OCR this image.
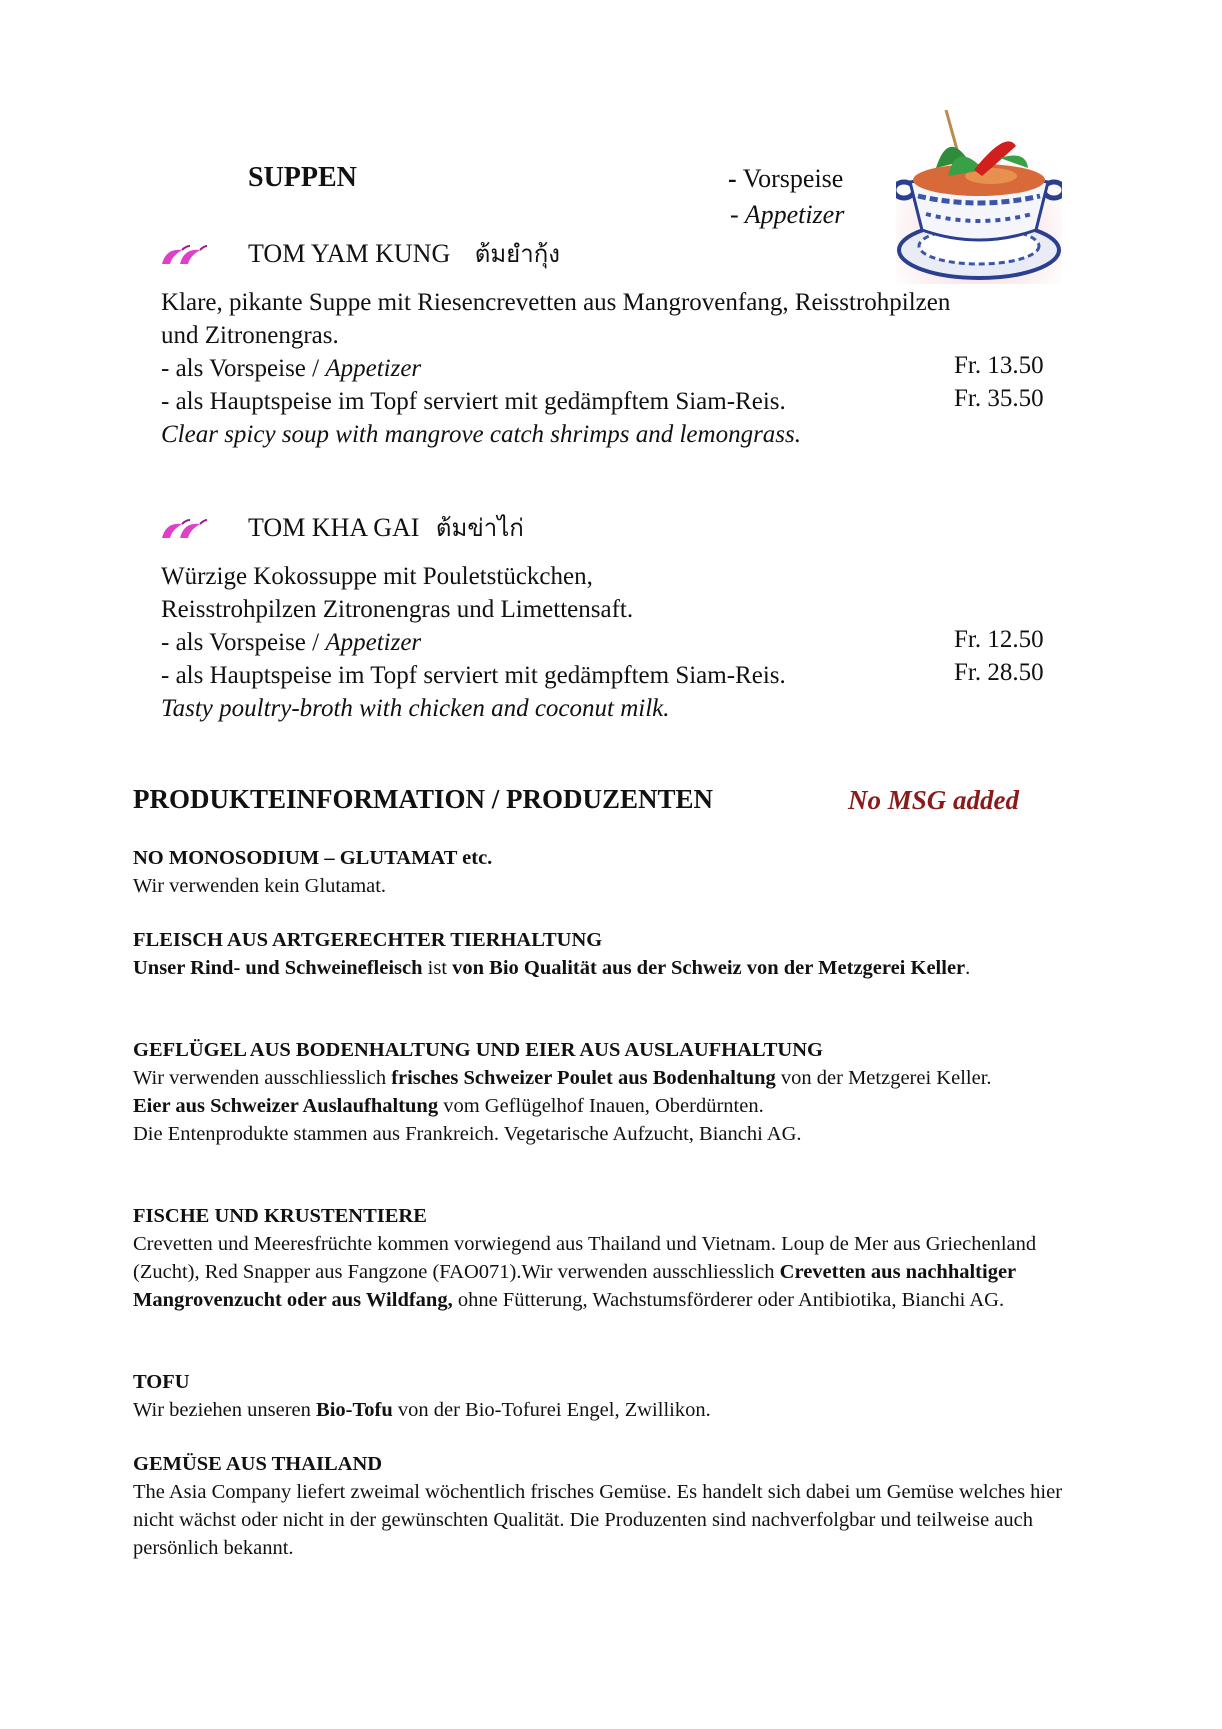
SUPPEN	- Vorspeise
- Appetizer
TOM YAM KUNG ต้มยำกุ้ง
Klare, pikante Suppe mit Riesencrevetten aus Mangrovenfang, Reisstrohpilzen
und Zitronengras.
- als Vorspeise / Appetizer
- als Hauptspeise im Topf serviert mit gedämpftem Siam-Reis.
Clear spicy soup with mangrove catch shrimps and lemongrass.
Fr. 13.50
Fr. 35.50
TOM KHA GAI ต้มข่าไก่
Würzige Kokossuppe mit Pouletstückchen,
Reisstrohpilzen Zitronengras und Limettensaft.
- als Vorspeise / Appetizer
- als Hauptspeise im Topf serviert mit gedämpftem Siam-Reis.
Tasty poultry-broth with chicken and coconut milk.
Fr. 12.50
Fr. 28.50
PRODUKTEINFORMATION / PRODUZENTEN	No MSG added
NO MONOSODIUM – GLUTAMAT etc.
Wir verwenden kein Glutamat.
FLEISCH AUS ARTGERECHTER TIERHALTUNG
Unser Rind- und Schweinefleisch ist von Bio Qualität aus der Schweiz von der Metzgerei Keller.
GEFLÜGEL AUS BODENHALTUNG UND EIER AUS AUSLAUFHALTUNG
Wir verwenden ausschliesslich frisches Schweizer Poulet aus Bodenhaltung von der Metzgerei Keller.
Eier aus Schweizer Auslaufhaltung vom Geflügelhof Inauen, Oberdürnten.
Die Entenprodukte stammen aus Frankreich. Vegetarische Aufzucht, Bianchi AG.
FISCHE UND KRUSTENTIERE
Crevetten und Meeresfrüchte kommen vorwiegend aus Thailand und Vietnam. Loup de Mer aus Griechenland (Zucht), Red Snapper aus Fangzone (FAO071).Wir verwenden ausschliesslich Crevetten aus nachhaltiger Mangrovenzucht oder aus Wildfang, ohne Fütterung, Wachstumsförderer oder Antibiotika, Bianchi AG.
TOFU
Wir beziehen unseren Bio-Tofu von der Bio-Tofurei Engel, Zwillikon.
GEMÜSE AUS THAILAND
The Asia Company liefert zweimal wöchentlich frisches Gemüse. Es handelt sich dabei um Gemüse welches hier nicht wächst oder nicht in der gewünschten Qualität. Die Produzenten sind nachverfolgbar und teilweise auch persönlich bekannt.
